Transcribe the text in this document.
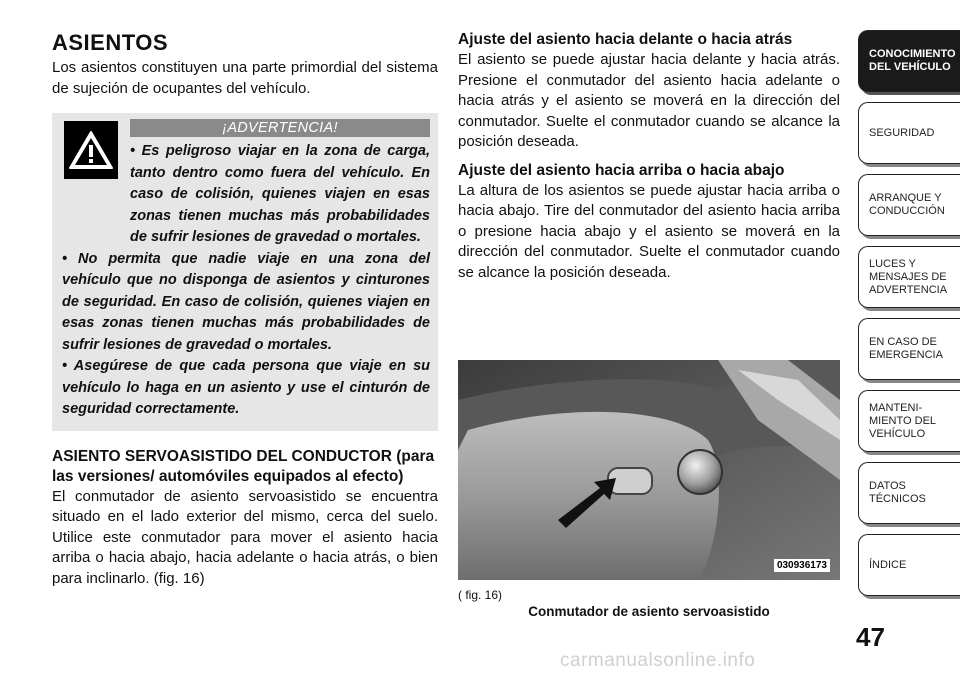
ASIENTOS

Los asientos constituyen una parte primordial del sistema de sujeción de ocupantes del vehículo.

¡ADVERTENCIA!

• Es peligroso viajar en la zona de carga, tanto dentro como fuera del vehículo. En caso de colisión, quienes viajen en esas zonas tienen muchas más probabilidades de sufrir lesiones de gravedad o mortales.

• No permita que nadie viaje en una zona del vehículo que no disponga de asientos y cinturones de seguridad. En caso de colisión, quienes viajen en esas zonas tienen muchas más probabilidades de sufrir lesiones de gravedad o mortales.

• Asegúrese de que cada persona que viaje en su vehículo lo haga en un asiento y use el cinturón de seguridad correctamente.

ASIENTO SERVOASISTIDO DEL CONDUCTOR (para las versiones/ automóviles equipados al efecto)

El conmutador de asiento servoasistido se encuentra situado en el lado exterior del mismo, cerca del suelo. Utilice este conmutador para mover el asiento hacia arriba o hacia abajo, hacia adelante o hacia atrás, o bien para inclinarlo. (fig. 16)

Ajuste del asiento hacia delante o hacia atrás

El asiento se puede ajustar hacia delante y hacia atrás. Presione el conmutador del asiento hacia adelante o hacia atrás y el asiento se moverá en la dirección del conmutador. Suelte el conmutador cuando se alcance la posición deseada.

Ajuste del asiento hacia arriba o hacia abajo

La altura de los asientos se puede ajustar hacia arriba o hacia abajo. Tire del conmutador del asiento hacia arriba o presione hacia abajo y el asiento se moverá en la dirección del conmutador. Suelte el conmutador cuando se alcance la posición deseada.

030936173
( fig. 16)
Conmutador de asiento servoasistido
CONOCIMIENTO DEL VEHÍCULO
SEGURIDAD
ARRANQUE Y CONDUCCIÓN
LUCES Y MENSAJES DE ADVERTENCIA
EN CASO DE EMERGENCIA
MANTENI-MIENTO DEL VEHÍCULO
DATOS TÉCNICOS
ÍNDICE
47
carmanualsonline.info
